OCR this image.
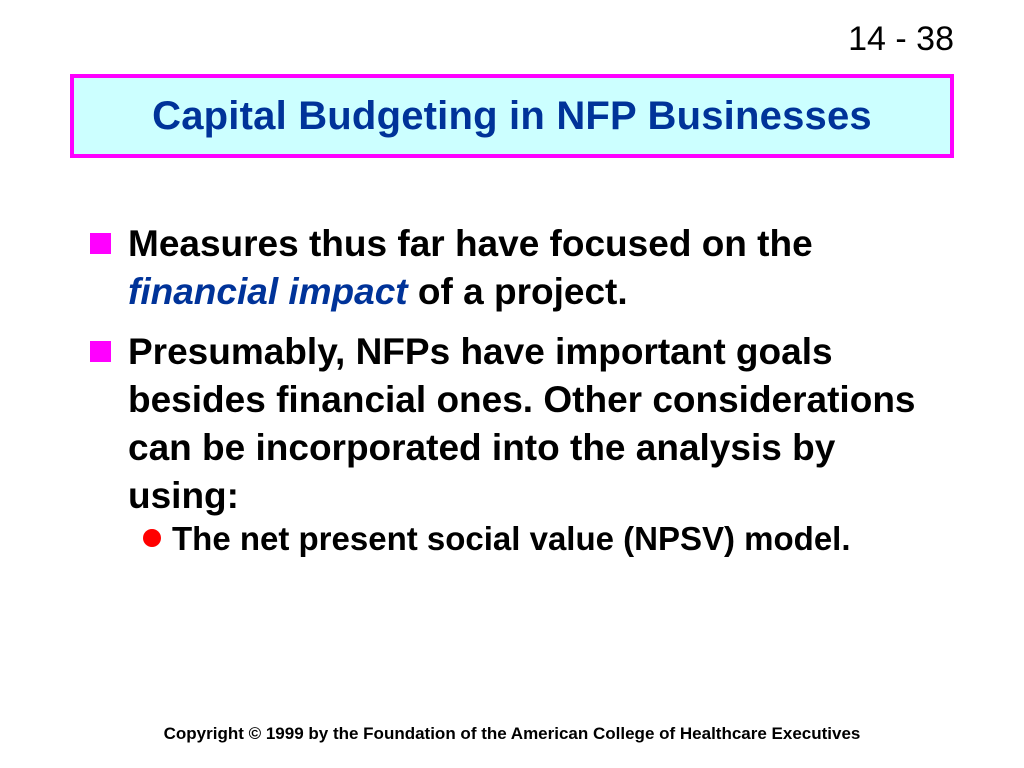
14 - 38
Capital Budgeting in NFP Businesses
Measures thus far have focused on the financial impact of a project.
Presumably, NFPs have important goals besides financial ones. Other considerations can be incorporated into the analysis by using:
The net present social value (NPSV) model.
Copyright © 1999 by the Foundation of the American College of Healthcare Executives
